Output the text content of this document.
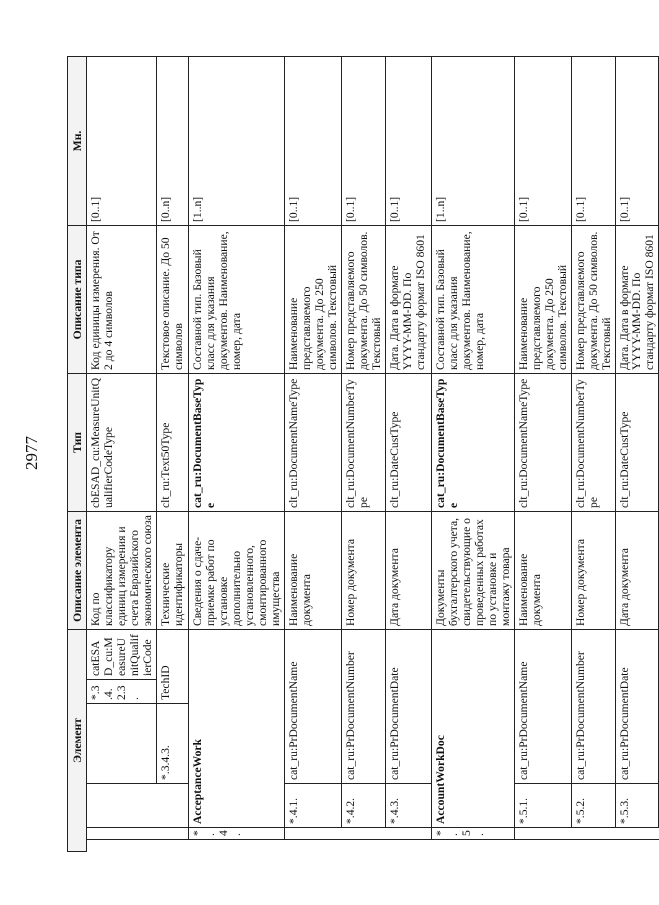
2977
Элемент						Описание элемента	Тип	Описание типа	Мн.	
				*.3.4.2.3.	catESAD_cu:MeasureUnitQualifierCode	Код по классификатору единиц измерения и счета Евразийского экономического союза	cbESAD_cu:MeasureUnitQualifierCodeType	Код единицы измерения. От 2 до 4 символов	[0..1]	
			*.3.4.3.	TechID		Технические идентификаторы	clt_ru:Text50Type	Текстовое описание. До 50 символов	[0..n]	
	*.4.	AcceptanceWork				Сведения о сдаче-приемке работ по установке дополнительно установленного, смонтированного имущества	cat_ru:DocumentBaseType	Составной тип. Базовый класс для указания документов. Наименование, номер, дата	[1..n]	
		*.4.1.	cat_ru:PrDocumentName			Наименование документа	clt_ru:DocumentNameType	Наименование представляемого документа. До 250 символов. Текстовый	[0..1]	
		*.4.2.	cat_ru:PrDocumentNumber			Номер документа	clt_ru:DocumentNumberType	Номер представляемого документа. До 50 символов. Текстовый	[0..1]	
		*.4.3.	cat_ru:PrDocumentDate			Дата документа	clt_ru:DateCustType	Дата. Дата в формате YYYY-MM-DD. По стандарту формат ISO 8601	[0..1]	
	*.5.	AccountWorkDoc				Документы бухгалтерского учета, свидетельствующие о проведенных работах по установке и монтажу товара	cat_ru:DocumentBaseType	Составной тип. Базовый класс для указания документов. Наименование, номер, дата	[1..n]	
		*.5.1.	cat_ru:PrDocumentName			Наименование документа	clt_ru:DocumentNameType	Наименование представляемого документа. До 250 символов. Текстовый	[0..1]	
		*.5.2.	cat_ru:PrDocumentNumber			Номер документа	clt_ru:DocumentNumberType	Номер представляемого документа. До 50 символов. Текстовый	[0..1]	
		*.5.3.	cat_ru:PrDocumentDate			Дата документа	clt_ru:DateCustType	Дата. Дата в формате YYYY-MM-DD. По стандарту формат ISO 8601	[0..1]	
